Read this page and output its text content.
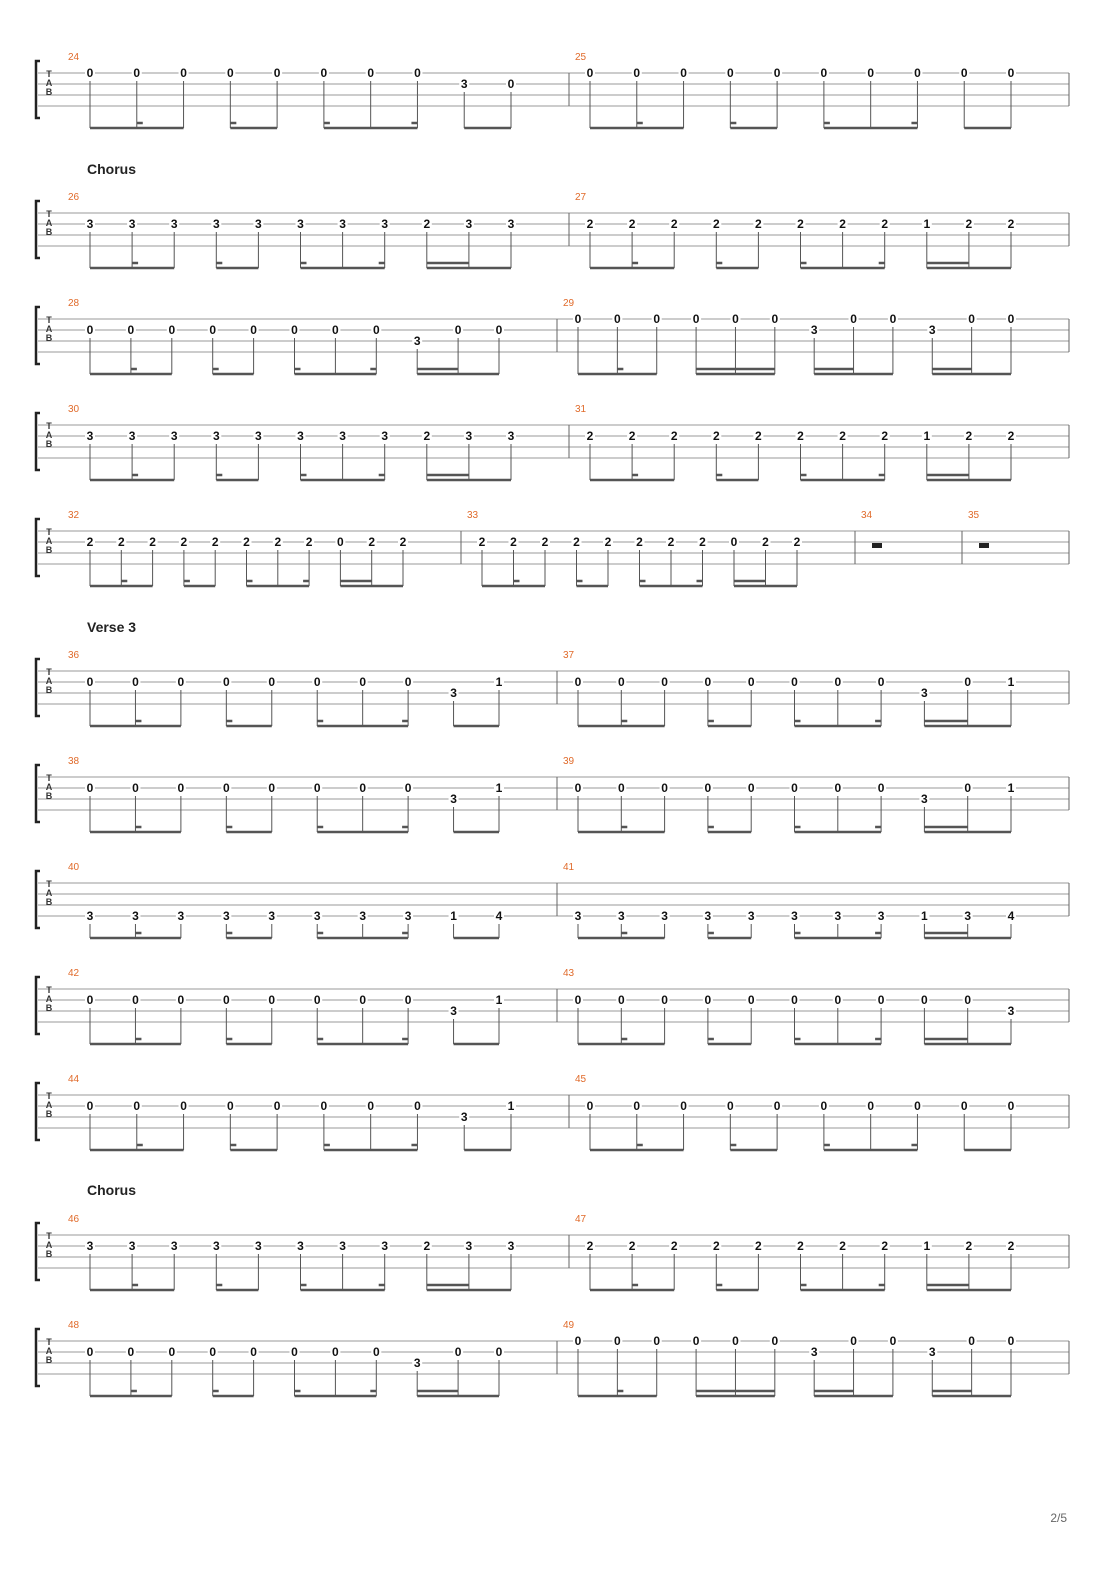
Chorus
Verse 3
Chorus
T
A
B
24
0	0	0	0	0	0	0	0
3	0
25
0	0	0	0	0	0	0	0	0	0
T
A
B
26
3	3	3	3	3	3	3	3	2	3	3
27
2	2	2	2	2	2	2	2	1	2	2
T
A
B
28
0	0	0	0	0	0	0	0
3
0	0
29
0	0	0	0	0	0
3
0	0
3
0	0
T
A
B
30
3	3	3	3	3	3	3	3	2	3	3
31
2	2	2	2	2	2	2	2	1	2	2
T
A
B
32
2 2 2 2 2 2 2 2 0 2 2
33
2 2 2 2 2 2 2 2 0 2 2
34	35
T
A
B
36
0	0	0	0	0	0	0	0
3
1
37
0	0	0	0	0	0	0	0
3
0	1
T
A
B
38
0	0	0	0	0	0	0	0
3
1
39
0	0	0	0	0	0	0	0
3
0	1
T
A
B
40
3	3	3	3	3	3	3	3	1	4
41
3	3	3	3	3	3	3	3	1	3	4
T
A
B
42
0	0	0	0	0	0	0	0
3
1
43
0	0	0	0	0	0	0	0	0	0
3
T
A
B
44
0	0	0	0	0	0	0	0
3
1
45
0	0	0	0	0	0	0	0	0	0
T
A
B
46
3	3	3	3	3	3	3	3	2	3	3
47
2	2	2	2	2	2	2	2	1	2	2
T
A
B
48
0	0	0	0	0	0	0	0
3
0	0
49
0	0	0	0	0	0
3
0	0
3
0	0
2/5
